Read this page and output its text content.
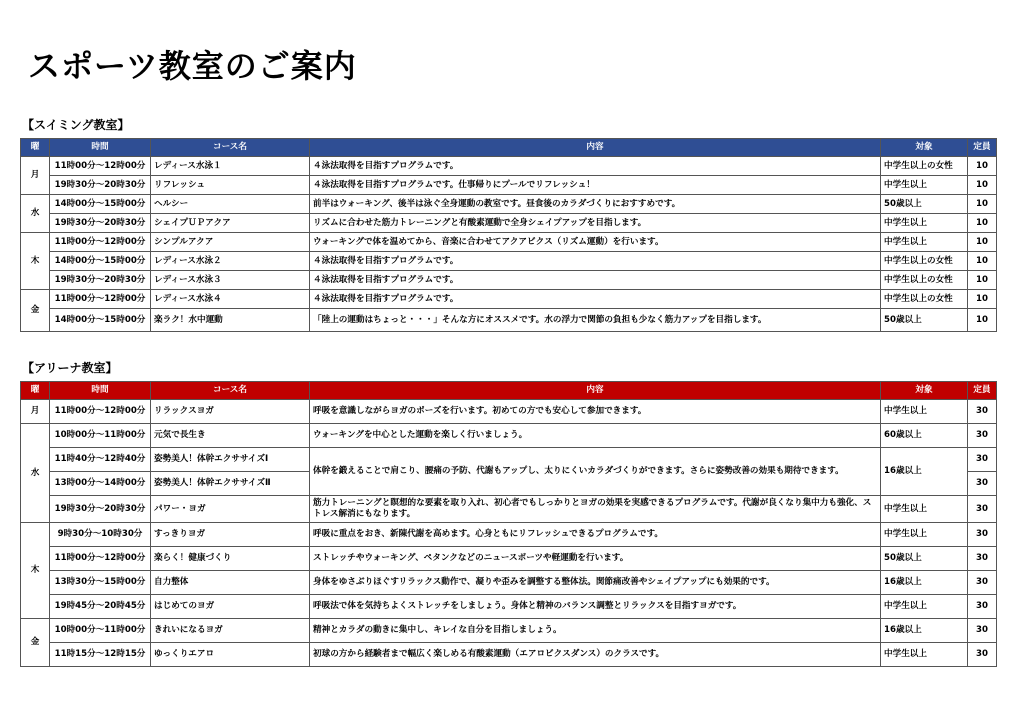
スポーツ教室のご案内
【スイミング教室】
曜	時間	コース名	内容	対象	定員
月	11時00分～12時00分	レディース水泳１	４泳法取得を目指すプログラムです。	中学生以上の女性	10
	19時30分～20時30分	リフレッシュ	４泳法取得を目指すプログラムです。仕事帰りにプールでリフレッシュ！	中学生以上	10
水	14時00分～15時00分	ヘルシー	前半はウォーキング、後半は泳ぐ全身運動の教室です。昼食後のカラダづくりにおすすめです。	50歳以上	10
	19時30分～20時30分	シェイプＵＰアクア	リズムに合わせた筋力トレーニングと有酸素運動で全身シェイプアップを目指します。	中学生以上	10
木	11時00分～12時00分	シンプルアクア	ウォーキングで体を温めてから、音楽に合わせてアクアビクス（リズム運動）を行います。	中学生以上	10
	14時00分～15時00分	レディース水泳２	４泳法取得を目指すプログラムです。	中学生以上の女性	10
	19時30分～20時30分	レディース水泳３	４泳法取得を目指すプログラムです。	中学生以上の女性	10
金	11時00分～12時00分	レディース水泳４	４泳法取得を目指すプログラムです。	中学生以上の女性	10
	14時00分～15時00分	楽ラク！水中運動	「陸上の運動はちょっと・・・」そんな方にオススメです。水の浮力で関節の負担も少なく筋力アップを目指します。	50歳以上	10
【アリーナ教室】
曜	時間	コース名	内容	対象	定員
月	11時00分～12時00分	リラックスヨガ	呼吸を意識しながらヨガのポーズを行います。初めての方でも安心して参加できます。	中学生以上	30
水	10時00分～11時00分	元気で長生き	ウォーキングを中心とした運動を楽しく行いましょう。	60歳以上	30
	11時40分～12時40分	姿勢美人！体幹エクササイズⅠ	体幹を鍛えることで肩こり、腰痛の予防、代謝もアップし、太りにくいカラダづくりができます。さらに姿勢改善の効果も期待できます。	16歳以上	30
	13時00分～14時00分	姿勢美人！体幹エクササイズⅡ			30
	19時30分～20時30分	パワー・ヨガ	筋力トレーニングと瞑想的な要素を取り入れ、初心者でもしっかりとヨガの効果を実感できるプログラムです。代謝が良くなり集中力も強化、ストレス解消にもなります。	中学生以上	30
木	9時30分～10時30分	すっきりヨガ	呼吸に重点をおき、新陳代謝を高めます。心身ともにリフレッシュできるプログラムです。	中学生以上	30
	11時00分～12時00分	楽らく！健康づくり	ストレッチやウォーキング、ペタンクなどのニュースポーツや軽運動を行います。	50歳以上	30
	13時30分～15時00分	自力整体	身体をゆさぶりほぐすリラックス動作で、凝りや歪みを調整する整体法。関節痛改善やシェイプアップにも効果的です。	16歳以上	30
	19時45分～20時45分	はじめてのヨガ	呼吸法で体を気持ちよくストレッチをしましょう。身体と精神のバランス調整とリラックスを目指すヨガです。	中学生以上	30
金	10時00分～11時00分	きれいになるヨガ	精神とカラダの動きに集中し、キレイな自分を目指しましょう。	16歳以上	30
	11時15分～12時15分	ゆっくりエアロ	初球の方から経験者まで幅広く楽しめる有酸素運動（エアロビクスダンス）のクラスです。	中学生以上	30
